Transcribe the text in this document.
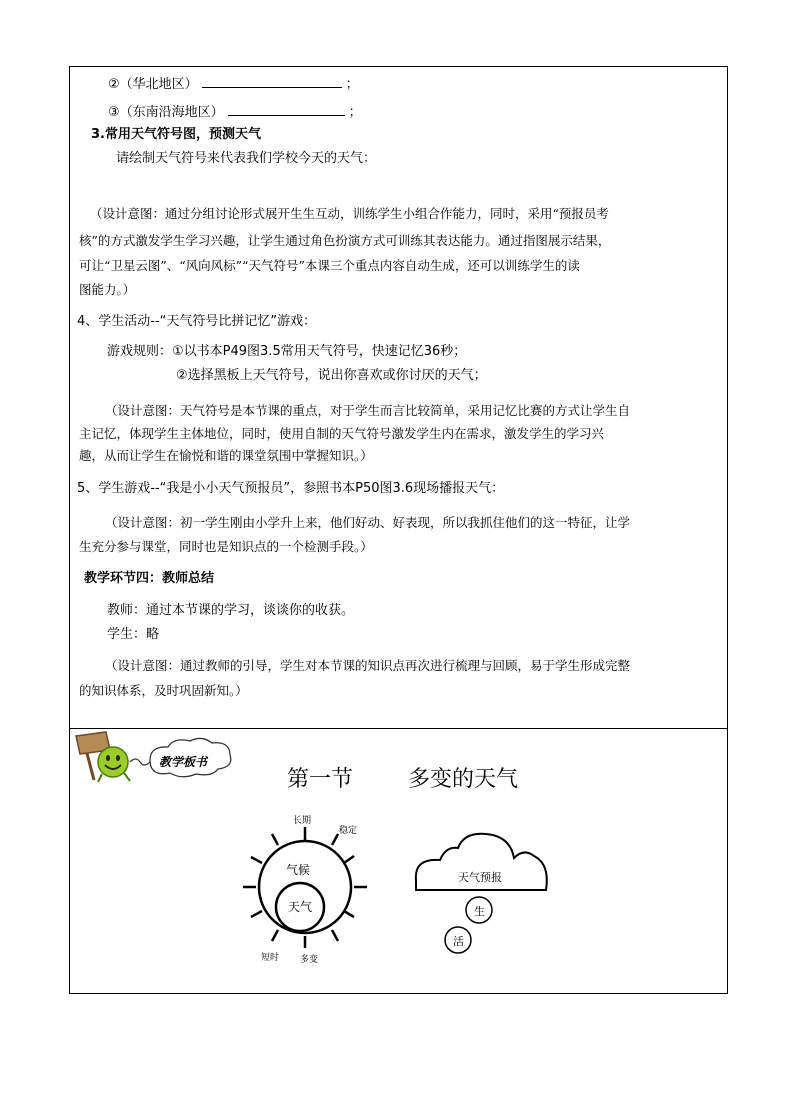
②（华北地区）	；
③（东南沿海地区）	；
3.常用天气符号图，预测天气
请绘制天气符号来代表我们学校今天的天气：
（设计意图：通过分组讨论形式展开生生互动，训练学生小组合作能力，同时，采用“预报员考
核”的方式激发学生学习兴趣，让学生通过角色扮演方式可训练其表达能力。通过指图展示结果，
可让“卫星云图”、“风向风标”“天气符号”本课三个重点内容自动生成，还可以训练学生的读
图能力。）
4、学生活动--“天气符号比拼记忆”游戏：
游戏规则：①以书本P49图3.5常用天气符号，快速记忆36秒；
②选择黑板上天气符号，说出你喜欢或你讨厌的天气；
（设计意图：天气符号是本节课的重点，对于学生而言比较简单，采用记忆比赛的方式让学生自
主记忆，体现学生主体地位，同时，使用自制的天气符号激发学生内在需求，激发学生的学习兴
趣，从而让学生在愉悦和谐的课堂氛围中掌握知识。）
5、学生游戏--“我是小小天气预报员”，参照书本P50图3.6现场播报天气：
（设计意图：初一学生刚由小学升上来，他们好动、好表现，所以我抓住他们的这一特征，让学
生充分参与课堂，同时也是知识点的一个检测手段。）
教学环节四：教师总结
教师：通过本节课的学习，谈谈你的收获。
学生：略
（设计意图：通过教师的引导，学生对本节课的知识点再次进行梳理与回顾，易于学生形成完整
的知识体系，及时巩固新知。）
教学板书
第一节 多变的天气
气候
天气
长期
稳定
短时 多变
天气预报
生
活
